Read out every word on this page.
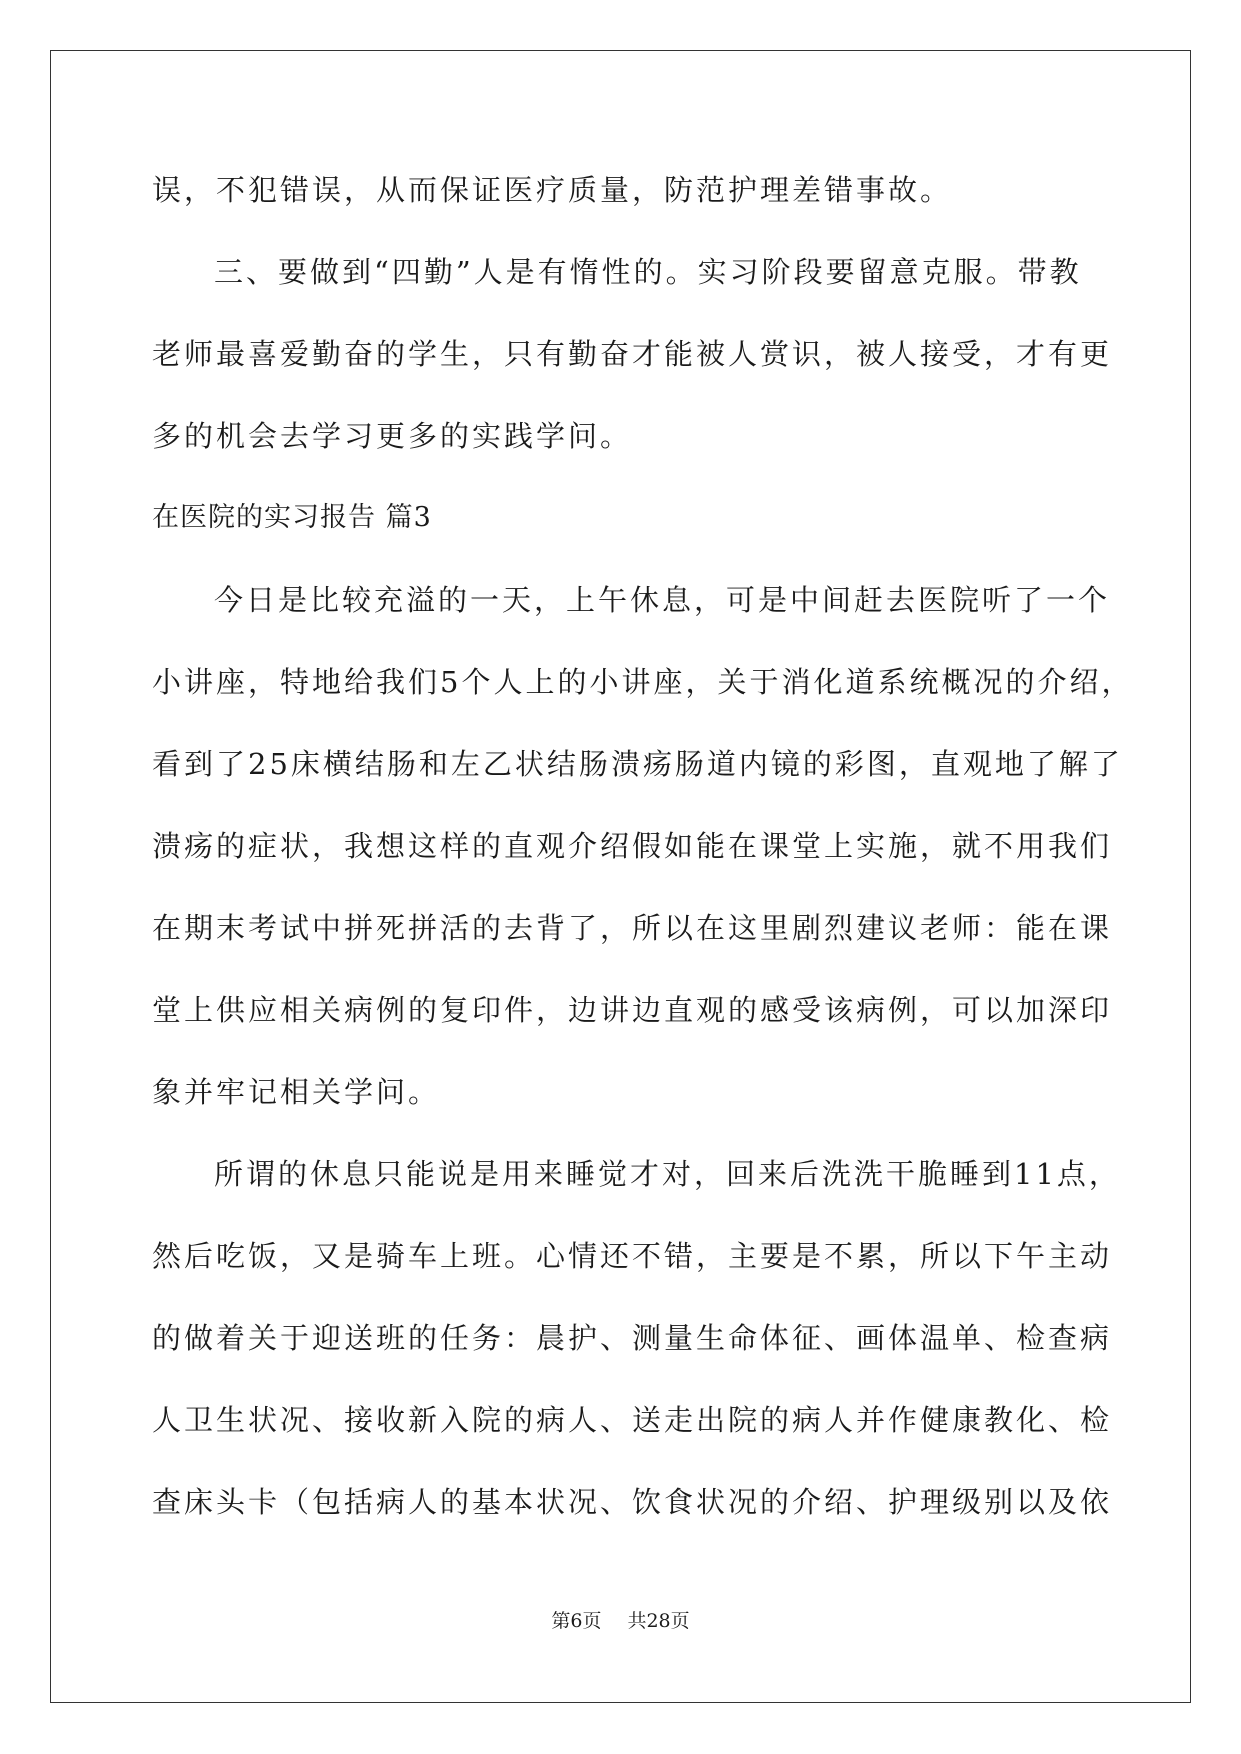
误，不犯错误，从而保证医疗质量，防范护理差错事故。
三、要做到“四勤”人是有惰性的。实习阶段要留意克服。带教
老师最喜爱勤奋的学生，只有勤奋才能被人赏识，被人接受，才有更
多的机会去学习更多的实践学问。
在医院的实习报告 篇3
今日是比较充溢的一天，上午休息，可是中间赶去医院听了一个
小讲座，特地给我们5个人上的小讲座，关于消化道系统概况的介绍，
看到了25床横结肠和左乙状结肠溃疡肠道内镜的彩图，直观地了解了
溃疡的症状，我想这样的直观介绍假如能在课堂上实施，就不用我们
在期末考试中拼死拼活的去背了，所以在这里剧烈建议老师：能在课
堂上供应相关病例的复印件，边讲边直观的感受该病例，可以加深印
象并牢记相关学问。
所谓的休息只能说是用来睡觉才对，回来后洗洗干脆睡到11点，
然后吃饭，又是骑车上班。心情还不错，主要是不累，所以下午主动
的做着关于迎送班的任务：晨护、测量生命体征、画体温单、检查病
人卫生状况、接收新入院的病人、送走出院的病人并作健康教化、检
查床头卡（包括病人的基本状况、饮食状况的介绍、护理级别以及依
第6页 共28页
